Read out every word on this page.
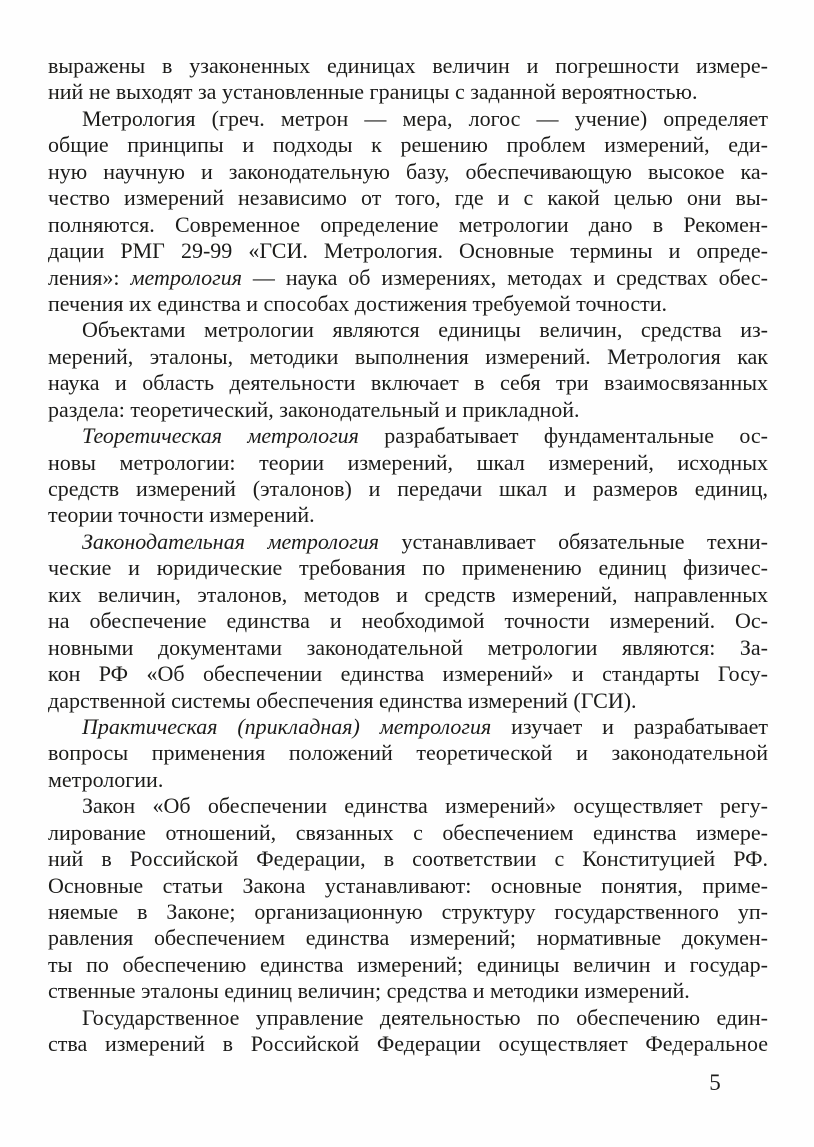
выражены в узаконенных единицах величин и погрешности измере-
ний не выходят за установленные границы с заданной вероятностью.
Метрология (греч. метрон — мера, логос — учение) определяет
общие принципы и подходы к решению проблем измерений, еди-
ную научную и законодательную базу, обеспечивающую высокое ка-
чество измерений независимо от того, где и с какой целью они вы-
полняются. Современное определение метрологии дано в Рекомен-
дации РМГ 29-99 «ГСИ. Метрология. Основные термины и опреде-
ления»: метрология — наука об измерениях, методах и средствах обес-
печения их единства и способах достижения требуемой точности.
Объектами метрологии являются единицы величин, средства из-
мерений, эталоны, методики выполнения измерений. Метрология как
наука и область деятельности включает в себя три взаимосвязанных
раздела: теоретический, законодательный и прикладной.
Теоретическая метрология разрабатывает фундаментальные ос-
новы метрологии: теории измерений, шкал измерений, исходных
средств измерений (эталонов) и передачи шкал и размеров единиц,
теории точности измерений.
Законодательная метрология устанавливает обязательные техни-
ческие и юридические требования по применению единиц физичес-
ких величин, эталонов, методов и средств измерений, направленных
на обеспечение единства и необходимой точности измерений. Ос-
новными документами законодательной метрологии являются: За-
кон РФ «Об обеспечении единства измерений» и стандарты Госу-
дарственной системы обеспечения единства измерений (ГСИ).
Практическая (прикладная) метрология изучает и разрабатывает
вопросы применения положений теоретической и законодательной
метрологии.
Закон «Об обеспечении единства измерений» осуществляет регу-
лирование отношений, связанных с обеспечением единства измере-
ний в Российской Федерации, в соответствии с Конституцией РФ.
Основные статьи Закона устанавливают: основные понятия, приме-
няемые в Законе; организационную структуру государственного уп-
равления обеспечением единства измерений; нормативные докумен-
ты по обеспечению единства измерений; единицы величин и государ-
ственные эталоны единиц величин; средства и методики измерений.
Государственное управление деятельностью по обеспечению един-
ства измерений в Российской Федерации осуществляет Федеральное
5
